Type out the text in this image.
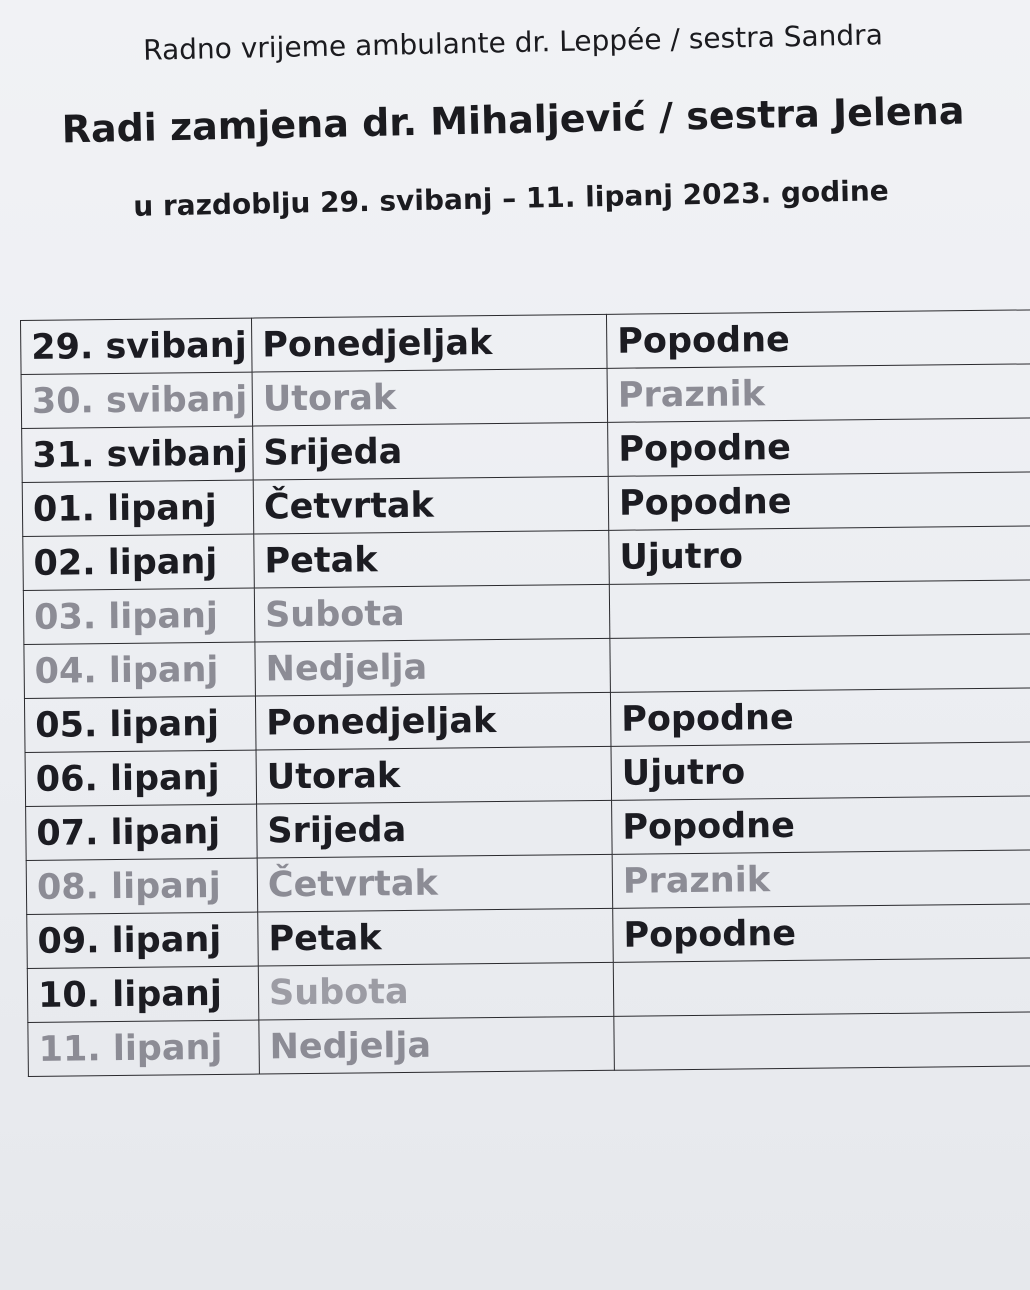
Radno vrijeme ambulante dr. Leppée / sestra Sandra
Radi zamjena dr. Mihaljević / sestra Jelena
u razdoblju 29. svibanj – 11. lipanj 2023. godine
29. svibanj	Ponedjeljak	Popodne
30. svibanj	Utorak	Praznik
31. svibanj	Srijeda	Popodne
01. lipanj	Četvrtak	Popodne
02. lipanj	Petak	Ujutro
03. lipanj	Subota	
04. lipanj	Nedjelja	
05. lipanj	Ponedjeljak	Popodne
06. lipanj	Utorak	Ujutro
07. lipanj	Srijeda	Popodne
08. lipanj	Četvrtak	Praznik
09. lipanj	Petak	Popodne
10. lipanj	Subota	
11. lipanj	Nedjelja	
